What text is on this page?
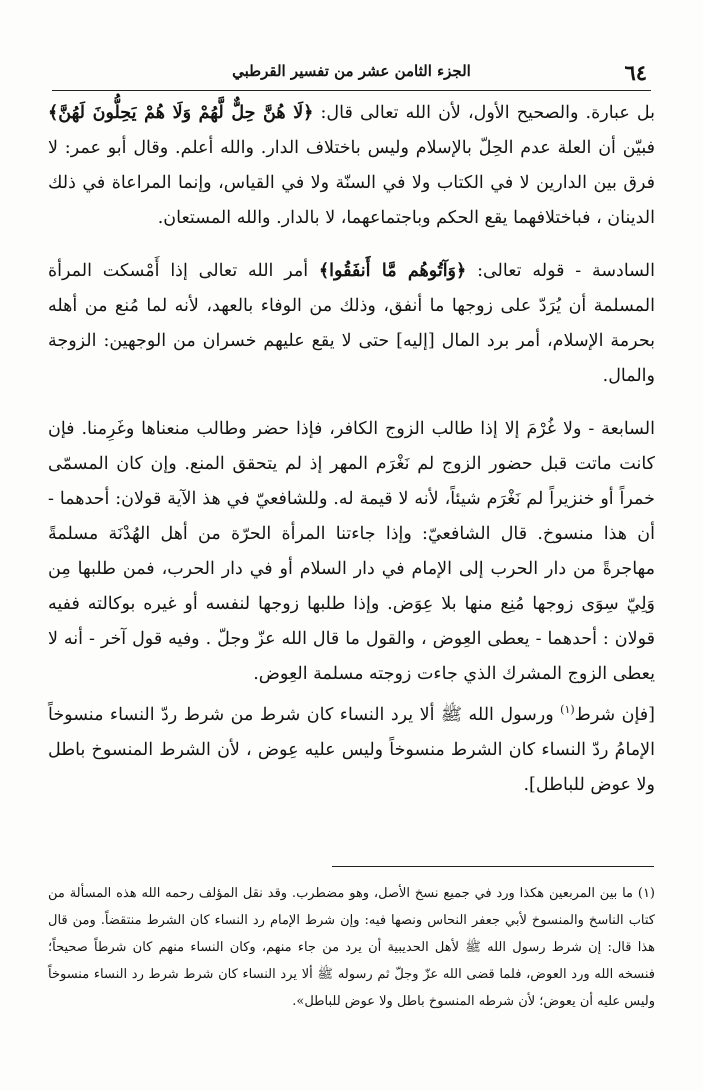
٦٤
الجزء الثامن عشر من تفسير القرطبي

بل عبارة. والصحيح الأول، لأن الله تعالى قال: ﴿لَا هُنَّ حِلٌّ لَّهُمْ وَلَا هُمْ يَحِلُّونَ لَهُنَّ﴾ فبيّن أن العلة عدم الحِلّ بالإسلام وليس باختلاف الدار. والله أعلم. وقال أبو عمر: لا فرق بين الدارين لا في الكتاب ولا في السنّة ولا في القياس، وإنما المراعاة في ذلك الدينان ، فباختلافهما يقع الحكم وباجتماعهما، لا بالدار. والله المستعان.

السادسة - قوله تعالى: ﴿وَآتُوهُم مَّا أَنفَقُوا﴾ أمر الله تعالى إذا أَمْسكت المرأة المسلمة أن يُرَدّ على زوجها ما أنفق، وذلك من الوفاء بالعهد، لأنه لما مُنع من أهله بحرمة الإسلام، أمر برد المال [إليه] حتى لا يقع عليهم خسران من الوجهين: الزوجة والمال.

السابعة - ولا غُرْمَ إلا إذا طالب الزوج الكافر، فإذا حضر وطالب منعناها وغَرِمنا. فإن كانت ماتت قبل حضور الزوج لم نَغْرَم المهر إذ لم يتحقق المنع. وإن كان المسمّى خمراً أو خنزيراً لم نَغْرَم شيئاً، لأنه لا قيمة له. وللشافعيّ في هذ الآية قولان: أحدهما - أن هذا منسوخ. قال الشافعيّ: وإذا جاءتنا المرأة الحرّة من أهل الهُدْنَة مسلمةً مهاجرةً من دار الحرب إلى الإمام في دار السلام أو في دار الحرب، فمن طلبها مِن وَلِيّ سِوَى زوجها مُنِع منها بلا عِوَض. وإذا طلبها زوجها لنفسه أو غيره بوكالته ففيه قولان : أحدهما - يعطى العِوض ، والقول ما قال الله عزّ وجلّ . وفيه قول آخر - أنه لا يعطى الزوج المشرك الذي جاءت زوجته مسلمة العِوض.

[فإن شرط$^{(١)}$ ورسول الله ﷺ ألا يرد النساء كان شرط من شرط ردّ النساء منسوخاً الإمامُ ردّ النساء كان الشرط منسوخاً وليس عليه عِوض ، لأن الشرط المنسوخ باطل ولا عوض للباطل].

(١) ما بين المربعين هكذا ورد في جميع نسخ الأصل، وهو مضطرب. وقد نقل المؤلف رحمه الله هذه المسألة من كتاب الناسخ والمنسوخ لأبي جعفر النحاس ونصها فيه: وإن شرط الإمام رد النساء كان الشرط منتقضاً. ومن قال هذا قال: إن شرط رسول الله ﷺ لأهل الحديبية أن يرد من جاء منهم، وكان النساء منهم كان شرطاً صحيحاً؛ فنسخه الله ورد العوض، فلما قضى الله عزّ وجلّ ثم رسوله ﷺ ألا يرد النساء كان شرط شرط رد النساء منسوخاً وليس عليه أن يعوض؛ لأن شرطه المنسوخ باطل ولا عوض للباطل».
